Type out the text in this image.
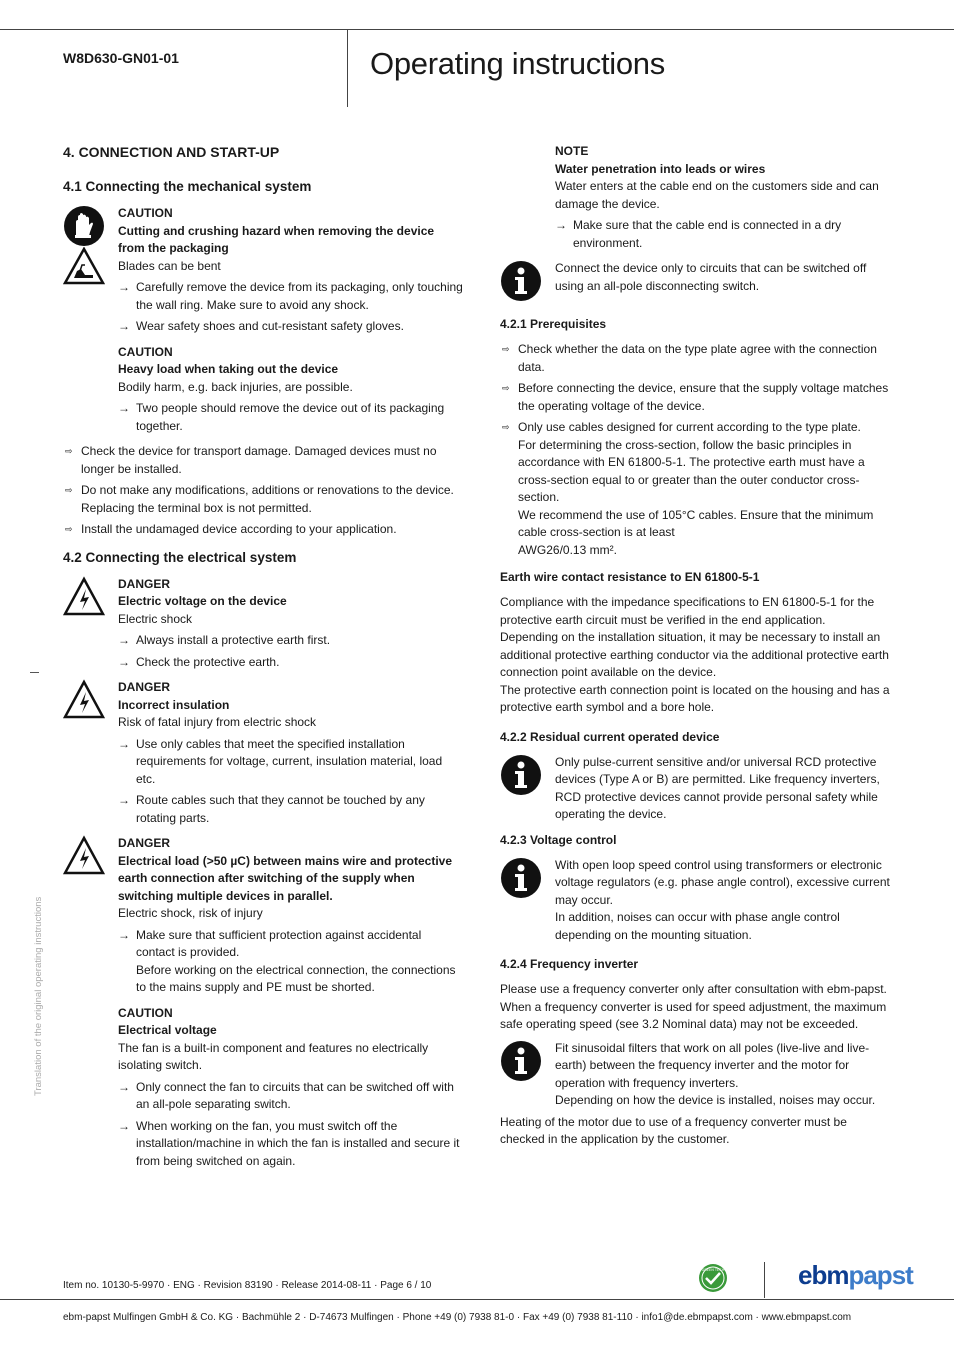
W8D630-GN01-01	Operating instructions
Translation of the original operating instructions
4. CONNECTION AND START-UP
4.1 Connecting the mechanical system
CAUTION
Cutting and crushing hazard when removing the device from the packaging
Blades can be bent
→ Carefully remove the device from its packaging, only touching the wall ring. Make sure to avoid any shock.
→ Wear safety shoes and cut-resistant safety gloves.
CAUTION
Heavy load when taking out the device
Bodily harm, e.g. back injuries, are possible.
→ Two people should remove the device out of its packaging together.
⇨ Check the device for transport damage. Damaged devices must no longer be installed.
⇨ Do not make any modifications, additions or renovations to the device. Replacing the terminal box is not permitted.
⇨ Install the undamaged device according to your application.
4.2 Connecting the electrical system
DANGER
Electric voltage on the device
Electric shock
→ Always install a protective earth first.
→ Check the protective earth.
DANGER
Incorrect insulation
Risk of fatal injury from electric shock
→ Use only cables that meet the specified installation requirements for voltage, current, insulation material, load etc.
→ Route cables such that they cannot be touched by any rotating parts.
DANGER
Electrical load (>50 µC) between mains wire and protective earth connection after switching of the supply when switching multiple devices in parallel.
Electric shock, risk of injury
→ Make sure that sufficient protection against accidental contact is provided.
Before working on the electrical connection, the connections to the mains supply and PE must be shorted.
CAUTION
Electrical voltage
The fan is a built-in component and features no electrically isolating switch.
→ Only connect the fan to circuits that can be switched off with an all-pole separating switch.
→ When working on the fan, you must switch off the installation/machine in which the fan is installed and secure it from being switched on again.
NOTE
Water penetration into leads or wires
Water enters at the cable end on the customers side and can damage the device.
→ Make sure that the cable end is connected in a dry environment.
Connect the device only to circuits that can be switched off using an all-pole disconnecting switch.
4.2.1 Prerequisites
⇨ Check whether the data on the type plate agree with the connection data.
⇨ Before connecting the device, ensure that the supply voltage matches the operating voltage of the device.
⇨ Only use cables designed for current according to the type plate.
For determining the cross-section, follow the basic principles in accordance with EN 61800-5-1. The protective earth must have a cross-section equal to or greater than the outer conductor cross-section.
We recommend the use of 105°C cables. Ensure that the minimum cable cross-section is at least
AWG26/0.13 mm².
Earth wire contact resistance to EN 61800-5-1

Compliance with the impedance specifications to EN 61800-5-1 for the protective earth circuit must be verified in the end application.

Depending on the installation situation, it may be necessary to install an additional protective earthing conductor via the additional protective earth connection point available on the device.

The protective earth connection point is located on the housing and has a protective earth symbol and a bore hole.

4.2.2 Residual current operated device
Only pulse-current sensitive and/or universal RCD protective devices (Type A or B) are permitted. Like frequency inverters, RCD protective devices cannot provide personal safety while operating the device.
4.2.3 Voltage control
With open loop speed control using transformers or electronic voltage regulators (e.g. phase angle control), excessive current may occur.
In addition, noises can occur with phase angle control depending on the mounting situation.
4.2.4 Frequency inverter

Please use a frequency converter only after consultation with ebm-papst.

When a frequency converter is used for speed adjustment, the maximum safe operating speed (see 3.2 Nominal data) may not be exceeded.

Fit sinusoidal filters that work on all poles (live-live and live-earth) between the frequency inverter and the motor for operation with frequency inverters.
Depending on how the device is installed, noises may occur.

Heating of the motor due to use of a frequency converter must be checked in the application by the customer.

Item no. 10130-5-9970 · ENG · Revision 83190 · Release 2014-08-11 · Page 6 / 10
GREEN TECH	ebmpapst
ebm-papst Mulfingen GmbH & Co. KG · Bachmühle 2 · D-74673 Mulfingen · Phone +49 (0) 7938 81-0 · Fax +49 (0) 7938 81-110 · info1@de.ebmpapst.com · www.ebmpapst.com
